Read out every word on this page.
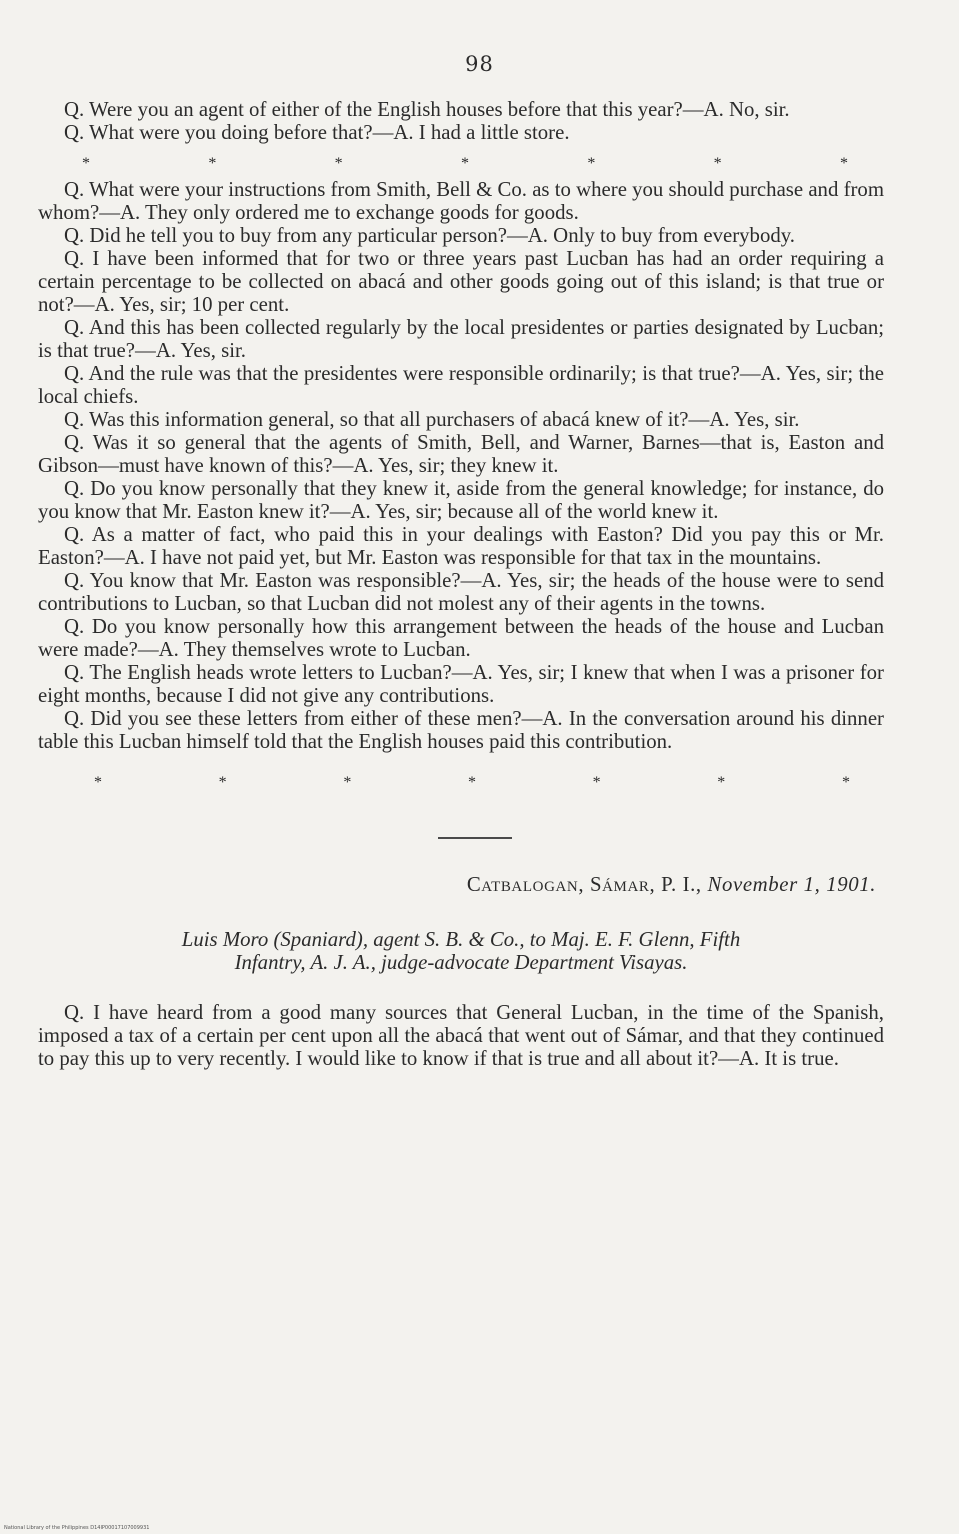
98

Q. Were you an agent of either of the English houses before that this year?—A. No, sir.

Q. What were you doing before that?—A. I had a little store.

*	*	*	*	*	*	*

Q. What were your instructions from Smith, Bell & Co. as to where you should purchase and from whom?—A. They only ordered me to exchange goods for goods.

Q. Did he tell you to buy from any particular person?—A. Only to buy from everybody.

Q. I have been informed that for two or three years past Lucban has had an order requiring a certain percentage to be collected on abacá and other goods going out of this island; is that true or not?—A. Yes, sir; 10 per cent.

Q. And this has been collected regularly by the local presidentes or parties designated by Lucban; is that true?—A. Yes, sir.

Q. And the rule was that the presidentes were responsible ordinarily; is that true?—A. Yes, sir; the local chiefs.

Q. Was this information general, so that all purchasers of abacá knew of it?—A. Yes, sir.

Q. Was it so general that the agents of Smith, Bell, and Warner, Barnes—that is, Easton and Gibson—must have known of this?—A. Yes, sir; they knew it.

Q. Do you know personally that they knew it, aside from the general knowledge; for instance, do you know that Mr. Easton knew it?—A. Yes, sir; because all of the world knew it.

Q. As a matter of fact, who paid this in your dealings with Easton? Did you pay this or Mr. Easton?—A. I have not paid yet, but Mr. Easton was responsible for that tax in the mountains.

Q. You know that Mr. Easton was responsible?—A. Yes, sir; the heads of the house were to send contributions to Lucban, so that Lucban did not molest any of their agents in the towns.

Q. Do you know personally how this arrangement between the heads of the house and Lucban were made?—A. They themselves wrote to Lucban.

Q. The English heads wrote letters to Lucban?—A. Yes, sir; I knew that when I was a prisoner for eight months, because I did not give any contributions.

Q. Did you see these letters from either of these men?—A. In the conversation around his dinner table this Lucban himself told that the English houses paid this contribution.

*	*	*	*	*	*	*
Catbalogan, Sámar, P. I., November 1, 1901.
Luis Moro (Spaniard), agent S. B. & Co., to Maj. E. F. Glenn, Fifth
Infantry, A. J. A., judge-advocate Department Visayas.

Q. I have heard from a good many sources that General Lucban, in the time of the Spanish, imposed a tax of a certain per cent upon all the abacá that went out of Sámar, and that they continued to pay this up to very recently. I would like to know if that is true and all about it?—A. It is true.

National Library of the Philippines D14IP00017107009931
